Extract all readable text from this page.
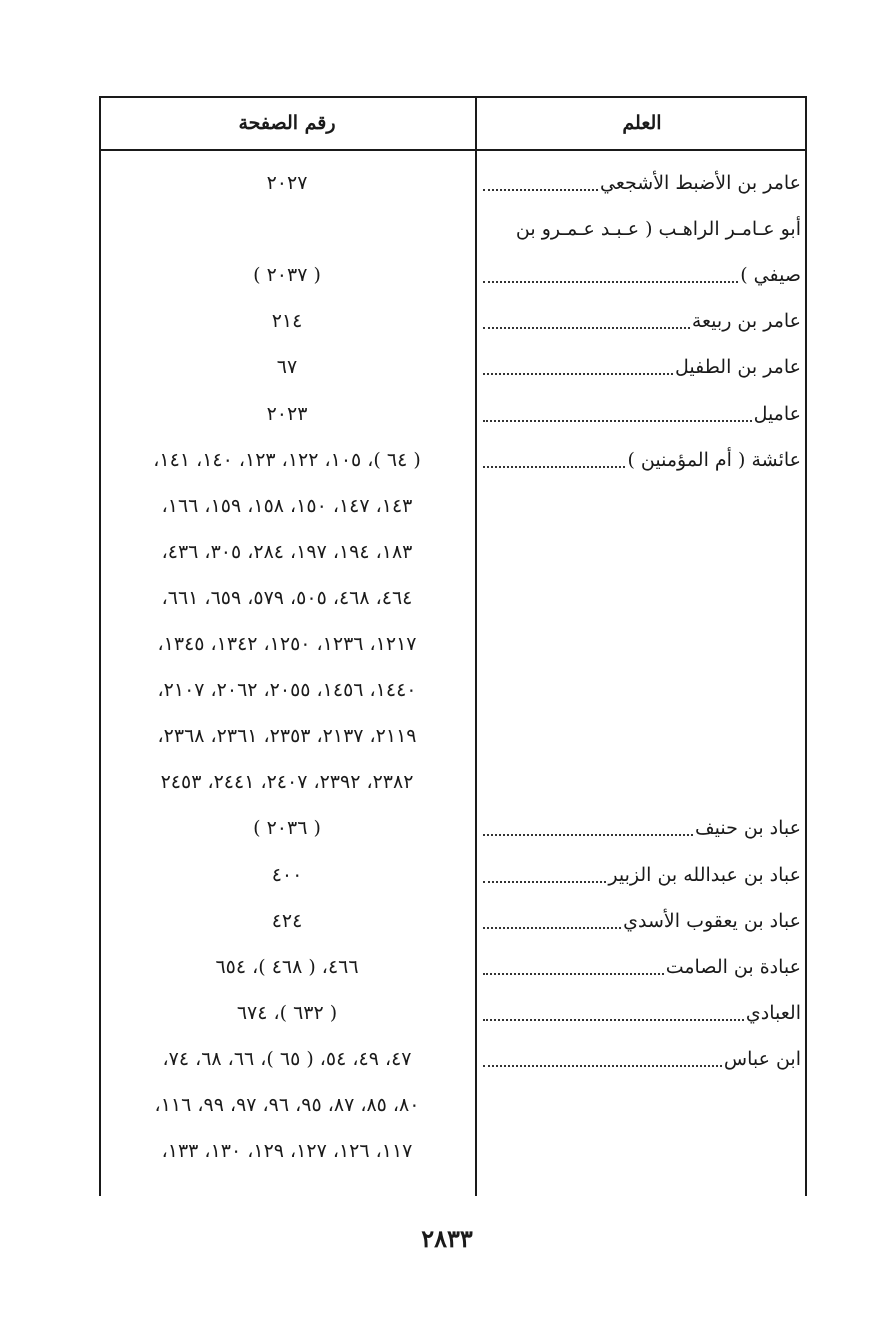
العلم
رقم الصفحة
عامر بن الأضبط الأشجعي
٢٠٢٧
أبو عـامـر الراهـب ( عـبـد عـمـرو بن
صيفي )
( ٢٠٣٧ )
عامر بن ربيعة
٢١٤
عامر بن الطفيل
٦٧
عاميل
٢٠٢٣
عائشة ( أم المؤمنين )
( ٦٤ )، ١٠٥، ١٢٢، ١٢٣، ١٤٠، ١٤١،
١٤٣، ١٤٧، ١٥٠، ١٥٨، ١٥٩، ١٦٦،
١٨٣، ١٩٤، ١٩٧، ٢٨٤، ٣٠٥، ٤٣٦،
٤٦٤، ٤٦٨، ٥٠٥، ٥٧٩، ٦٥٩، ٦٦١،
١٢١٧، ١٢٣٦، ١٢٥٠، ١٣٤٢، ١٣٤٥،
١٤٤٠، ١٤٥٦، ٢٠٥٥، ٢٠٦٢، ٢١٠٧،
٢١١٩، ٢١٣٧، ٢٣٥٣، ٢٣٦١، ٢٣٦٨،
٢٣٨٢، ٢٣٩٢، ٢٤٠٧، ٢٤٤١، ٢٤٥٣
عباد بن حنيف
( ٢٠٣٦ )
عباد بن عبدالله بن الزبير
٤٠٠
عباد بن يعقوب الأسدي
٤٢٤
عبادة بن الصامت
٤٦٦، ( ٤٦٨ )، ٦٥٤
العبادي
( ٦٣٢ )، ٦٧٤
ابن عباس
٤٧، ٤٩، ٥٤، ( ٦٥ )، ٦٦، ٦٨، ٧٤،
٨٠، ٨٥، ٨٧، ٩٥، ٩٦، ٩٧، ٩٩، ١١٦،
١١٧، ١٢٦، ١٢٧، ١٢٩، ١٣٠، ١٣٣،
٢٨٣٣
